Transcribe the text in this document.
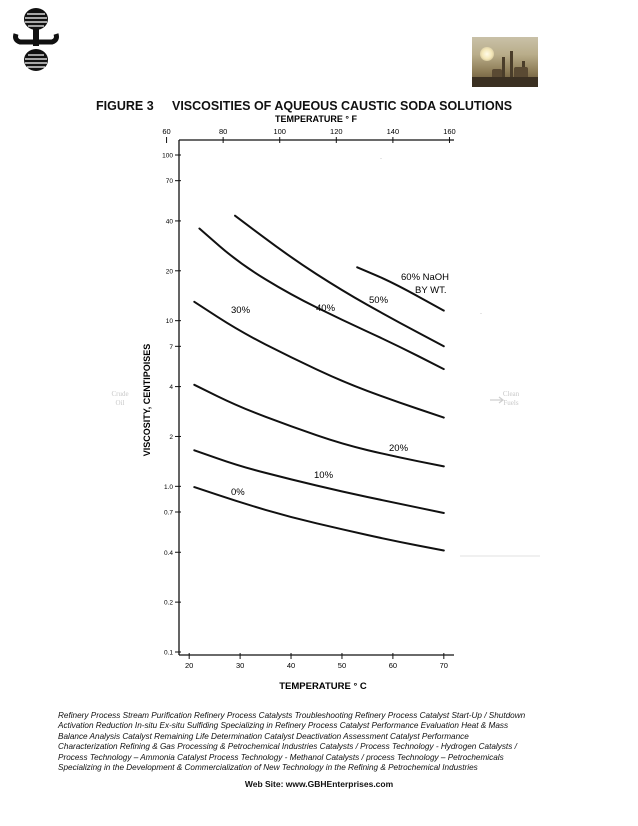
FIGURE 3 VISCOSITIES OF AQUEOUS CAUSTIC SODA SOLUTIONS
0.1
0.2
0.4
0.7
1.0
2
4
7
10
20
40
70
100
20	30	40	50	60	70
60	80	100	120	140	160
TEMPERATURE ° F
TEMPERATURE ° C
VISCOSITY, CENTIPOISES
0%
10%
20%
30%	40%
50%
60% NaOH
BY WT.
·
·
Crude
Oil
Clean
Fuels
Refinery Process Stream Purification Refinery Process Catalysts Troubleshooting Refinery Process Catalyst Start-Up / Shutdown
Activation Reduction In-situ Ex-situ Sulfiding Specializing in Refinery Process Catalyst Performance Evaluation Heat & Mass
Balance Analysis Catalyst Remaining Life Determination Catalyst Deactivation Assessment Catalyst Performance
Characterization Refining & Gas Processing & Petrochemical Industries Catalysts / Process Technology - Hydrogen Catalysts /
Process Technology – Ammonia Catalyst Process Technology - Methanol Catalysts / process Technology – Petrochemicals
Specializing in the Development & Commercialization of New Technology in the Refining & Petrochemical Industries
Web Site: www.GBHEnterprises.com
